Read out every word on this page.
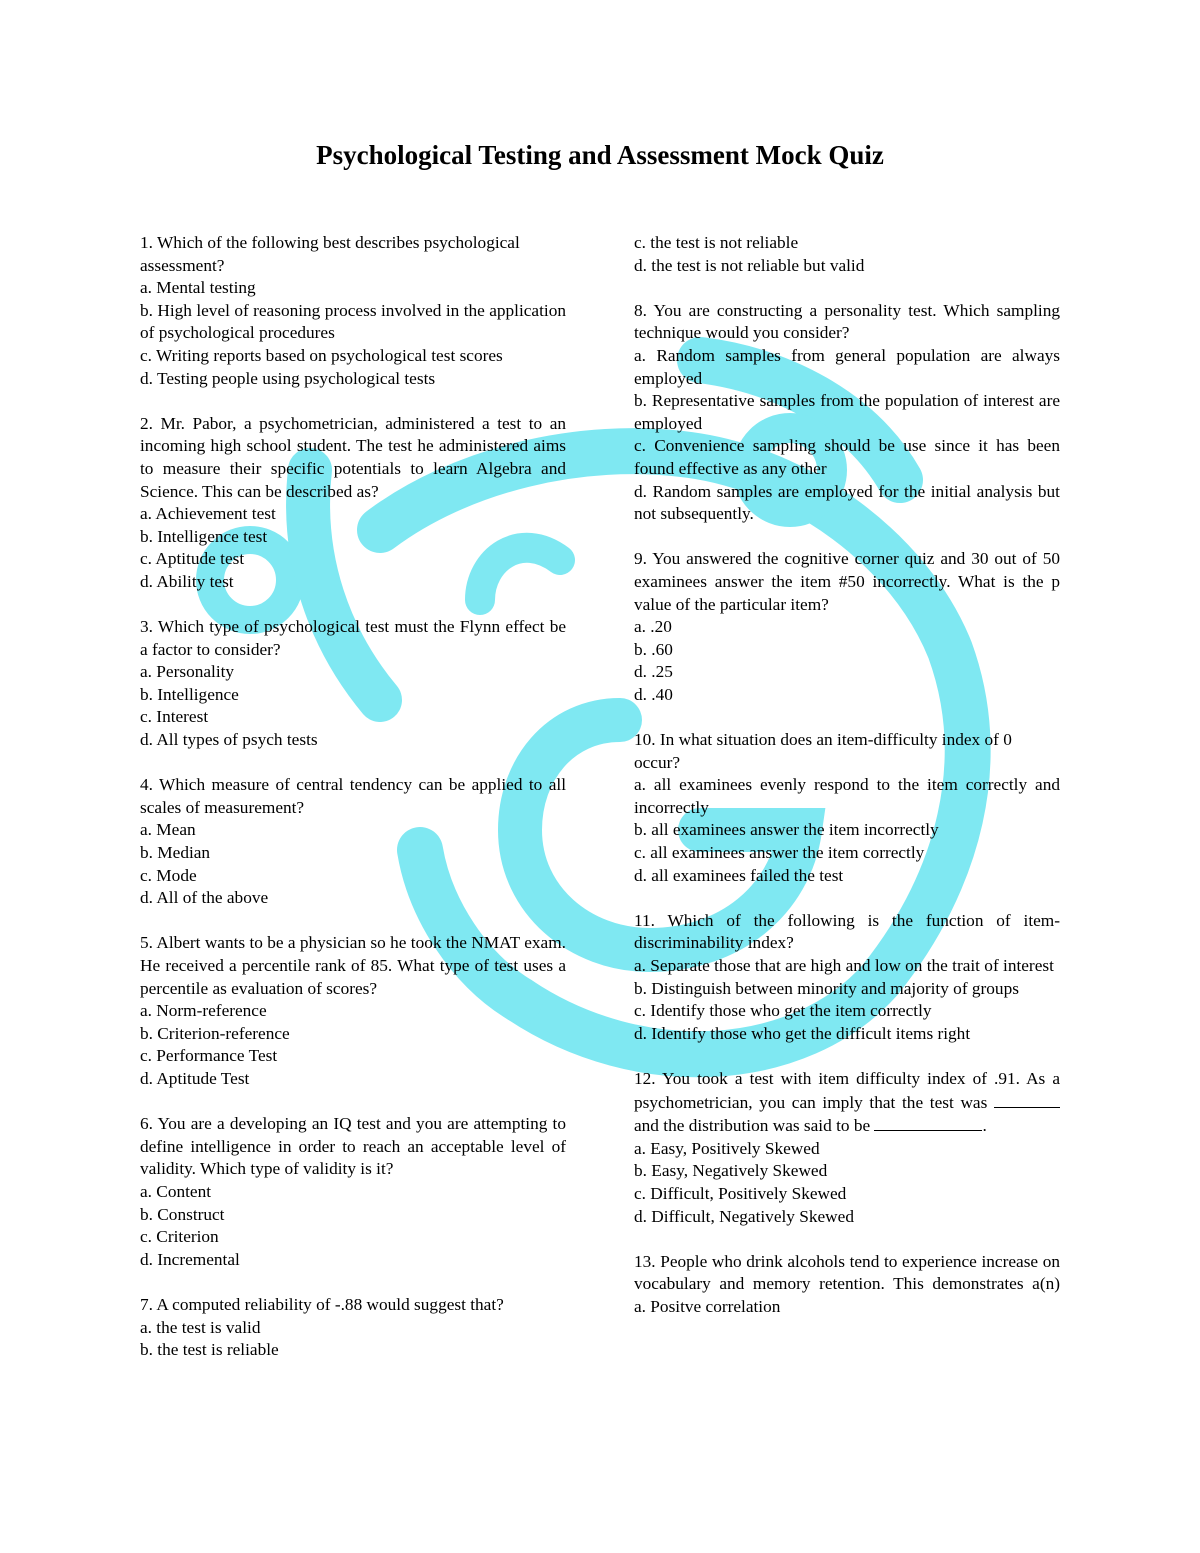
Psychological Testing and Assessment Mock Quiz
1. Which of the following best describes psychological assessment?
a. Mental testing
b. High level of reasoning process involved in the application of psychological procedures
c. Writing reports based on psychological test scores
d. Testing people using psychological tests
2. Mr. Pabor, a psychometrician, administered a test to an incoming high school student. The test he administered aims to measure their specific potentials to learn Algebra and Science. This can be described as?
a. Achievement test
b. Intelligence test
c. Aptitude test
d. Ability test
3. Which type of psychological test must the Flynn effect be a factor to consider?
a. Personality
b. Intelligence
c. Interest
d. All types of psych tests
4. Which measure of central tendency can be applied to all scales of measurement?
a. Mean
b. Median
c. Mode
d. All of the above
5. Albert wants to be a physician so he took the NMAT exam. He received a percentile rank of 85. What type of test uses a percentile as evaluation of scores?
a. Norm-reference
b. Criterion-reference
c. Performance Test
d. Aptitude Test
6. You are a developing an IQ test and you are attempting to define intelligence in order to reach an acceptable level of validity. Which type of validity is it?
a. Content
b. Construct
c. Criterion
d. Incremental
7. A computed reliability of -.88 would suggest that?
a. the test is valid
b. the test is reliable
c. the test is not reliable
d. the test is not reliable but valid
8. You are constructing a personality test. Which sampling technique would you consider?
a. Random samples from general population are always employed
b. Representative samples from the population of interest are employed
c. Convenience sampling should be use since it has been found effective as any other
d. Random samples are employed for the initial analysis but not subsequently.
9. You answered the cognitive corner quiz and 30 out of 50 examinees answer the item #50 incorrectly. What is the p value of the particular item?
a. .20
b. .60
d. .25
d. .40
10. In what situation does an item-difficulty index of 0 occur?
a. all examinees evenly respond to the item correctly and incorrectly
b. all examinees answer the item incorrectly
c. all examinees answer the item correctly
d. all examinees failed the test
11. Which of the following is the function of item-discriminability index?
a. Separate those that are high and low on the trait of interest
b. Distinguish between minority and majority of groups
c. Identify those who get the item correctly
d. Identify those who get the difficult items right
12. You took a test with item difficulty index of .91. As a psychometrician, you can imply that the test was  and the distribution was said to be	.
a. Easy, Positively Skewed
b. Easy, Negatively Skewed
c. Difficult, Positively Skewed
d. Difficult, Negatively Skewed
13. People who drink alcohols tend to experience increase on vocabulary and memory retention. This demonstrates a(n)
a. Positve correlation
